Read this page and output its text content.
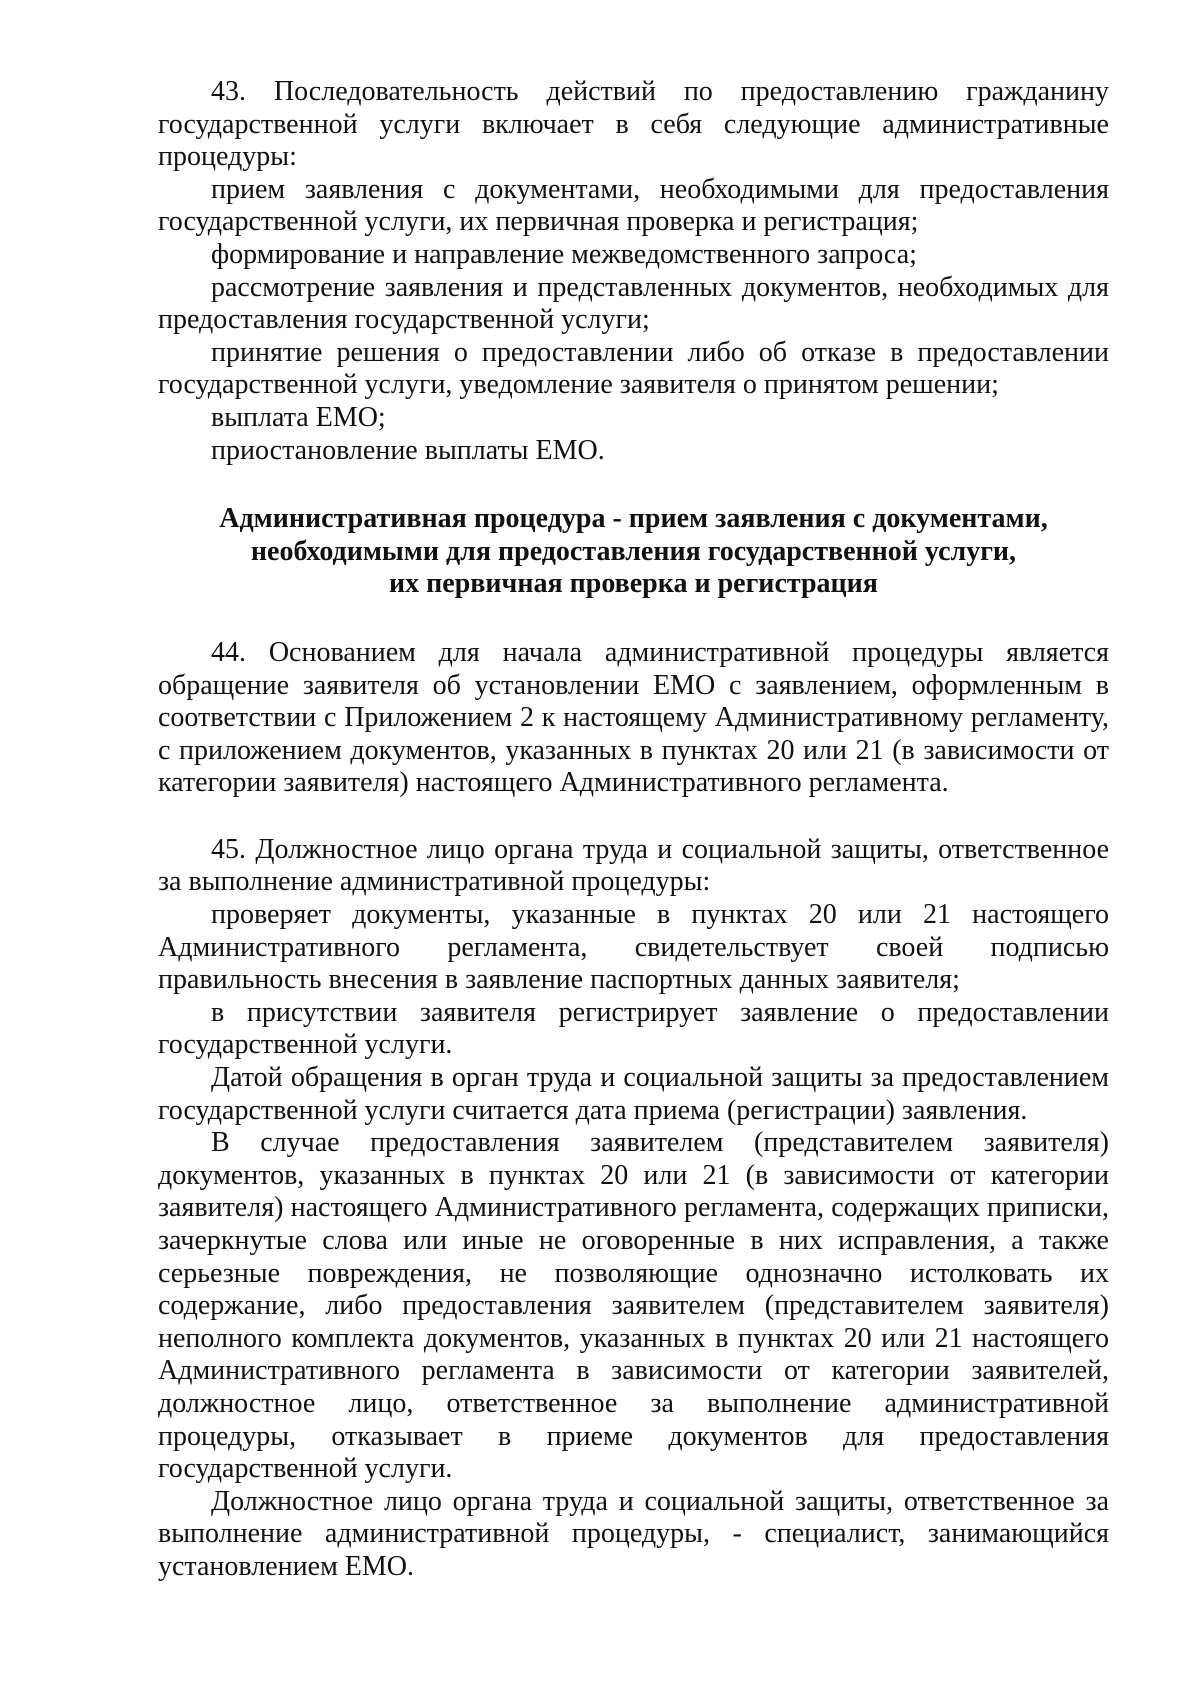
43. Последовательность действий по предоставлению гражданину государственной услуги включает в себя следующие административные процедуры:

прием заявления с документами, необходимыми для предоставления государственной услуги, их первичная проверка и регистрация;

формирование и направление межведомственного запроса;

рассмотрение заявления и представленных документов, необходимых для предоставления государственной услуги;

принятие решения о предоставлении либо об отказе в предоставлении государственной услуги, уведомление заявителя о принятом решении;

выплата ЕМО;

приостановление выплаты ЕМО.

Административная процедура - прием заявления с документами,
необходимыми для предоставления государственной услуги,
их первичная проверка и регистрация

44. Основанием для начала административной процедуры является обращение заявителя об установлении ЕМО с заявлением, оформленным в соответствии с Приложением 2 к настоящему Административному регламенту, с приложением документов, указанных в пунктах 20 или 21 (в зависимости от категории заявителя) настоящего Административного регламента.

45. Должностное лицо органа труда и социальной защиты, ответственное за выполнение административной процедуры:

проверяет документы, указанные в пунктах 20 или 21 настоящего Административного регламента, свидетельствует своей подписью правильность внесения в заявление паспортных данных заявителя;

в присутствии заявителя регистрирует заявление о предоставлении государственной услуги.

Датой обращения в орган труда и социальной защиты за предоставлением государственной услуги считается дата приема (регистрации) заявления.

В случае предоставления заявителем (представителем заявителя) документов, указанных в пунктах 20 или 21 (в зависимости от категории заявителя) настоящего Административного регламента, содержащих приписки, зачеркнутые слова или иные не оговоренные в них исправления, а также серьезные повреждения, не позволяющие однозначно истолковать их содержание, либо предоставления заявителем (представителем заявителя) неполного комплекта документов, указанных в пунктах 20 или 21 настоящего Административного регламента в зависимости от категории заявителей, должностное лицо, ответственное за выполнение административной процедуры, отказывает в приеме документов для предоставления государственной услуги.

Должностное лицо органа труда и социальной защиты, ответственное за выполнение административной процедуры, - специалист, занимающийся установлением ЕМО.
